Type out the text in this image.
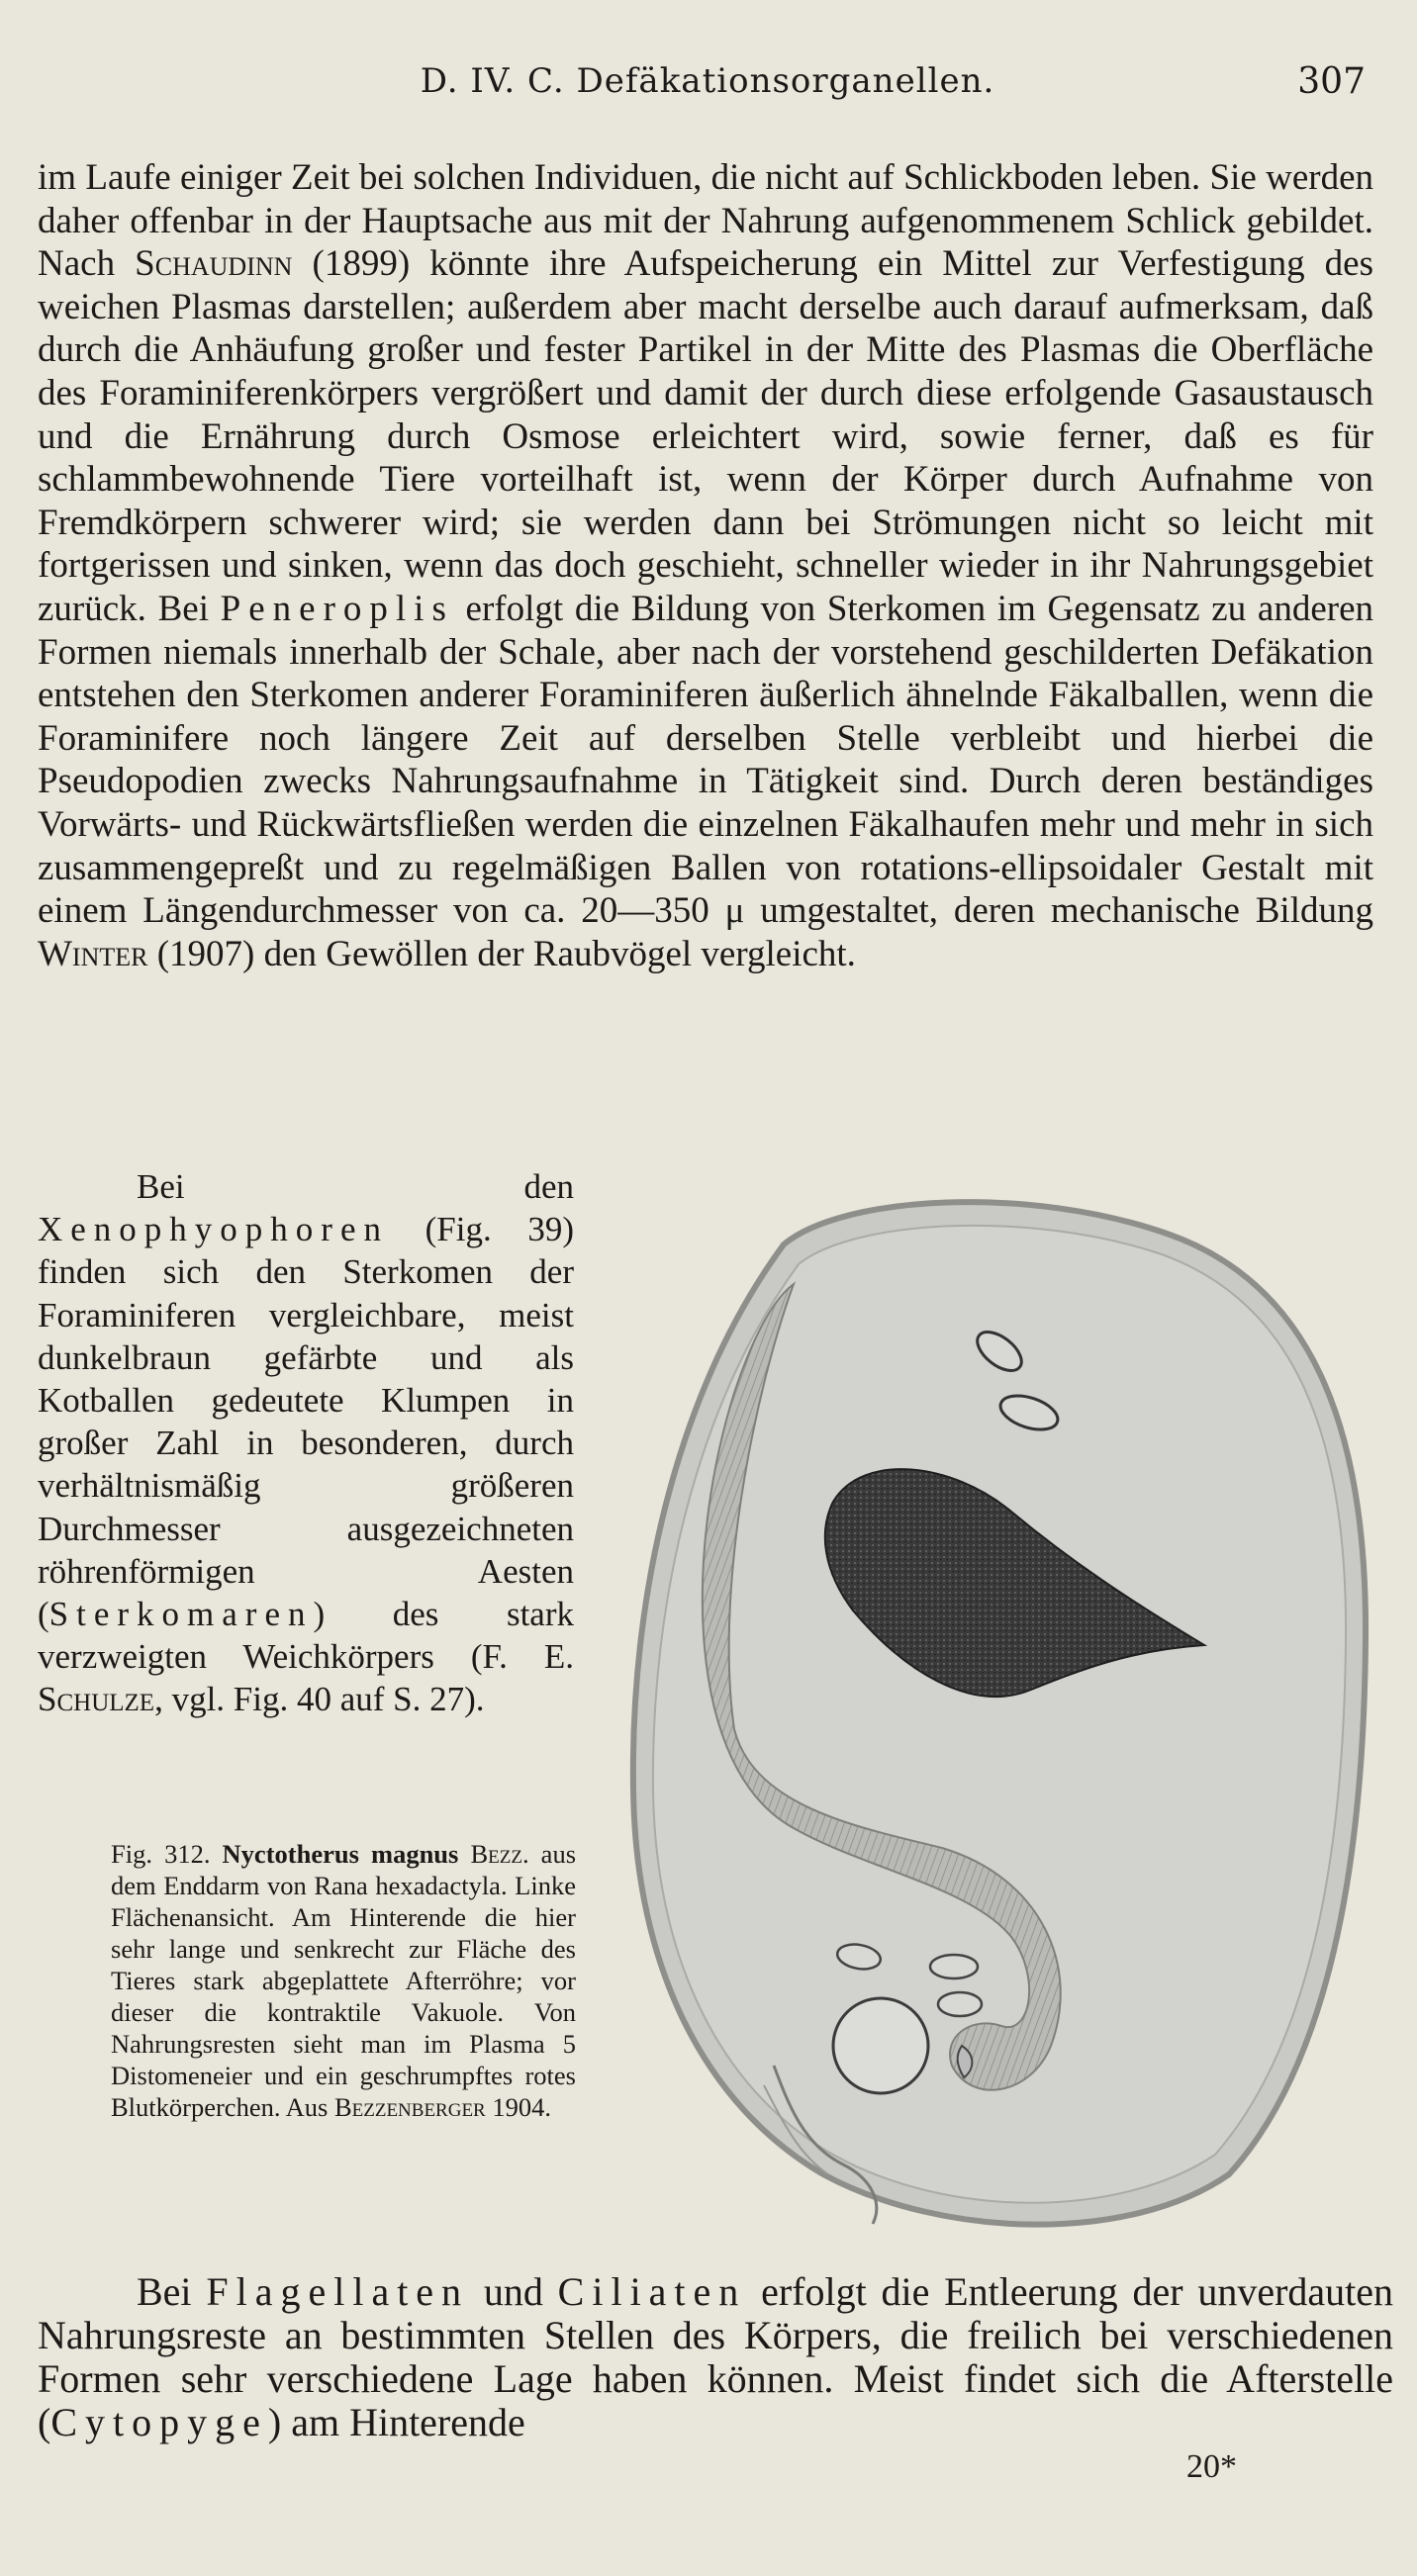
D. IV. C. Defäkationsorganellen.	307

im Laufe einiger Zeit bei solchen Individuen, die nicht auf Schlickboden leben. Sie werden daher offenbar in der Hauptsache aus mit der Nahrung aufgenommenem Schlick gebildet. Nach Schaudinn (1899) könnte ihre Aufspeicherung ein Mittel zur Verfestigung des weichen Plasmas darstellen; außerdem aber macht derselbe auch darauf aufmerksam, daß durch die Anhäufung großer und fester Partikel in der Mitte des Plasmas die Oberfläche des Foraminiferenkörpers vergrößert und damit der durch diese erfolgende Gasaustausch und die Ernährung durch Osmose erleichtert wird, sowie ferner, daß es für schlammbewohnende Tiere vorteilhaft ist, wenn der Körper durch Aufnahme von Fremdkörpern schwerer wird; sie werden dann bei Strömungen nicht so leicht mit fortgerissen und sinken, wenn das doch geschieht, schneller wieder in ihr Nahrungsgebiet zurück. Bei Peneroplis erfolgt die Bildung von Sterkomen im Gegensatz zu anderen Formen niemals innerhalb der Schale, aber nach der vorstehend geschilderten Defäkation entstehen den Sterkomen anderer Foraminiferen äußerlich ähnelnde Fäkalballen, wenn die Foraminifere noch längere Zeit auf derselben Stelle verbleibt und hierbei die Pseudopodien zwecks Nahrungsaufnahme in Tätigkeit sind. Durch deren beständiges Vorwärts- und Rückwärtsfließen werden die einzelnen Fäkalhaufen mehr und mehr in sich zusammengepreßt und zu regelmäßigen Ballen von rotations-ellipsoidaler Gestalt mit einem Längendurchmesser von ca. 20—350 μ umgestaltet, deren mechanische Bildung Winter (1907) den Gewöllen der Raubvögel vergleicht.

Bei den Xenophyophoren (Fig. 39) finden sich den Sterkomen der Foraminiferen vergleichbare, meist dunkelbraun gefärbte und als Kotballen gedeutete Klumpen in großer Zahl in besonderen, durch verhältnismäßig größeren Durchmesser ausgezeichneten röhrenförmigen Aesten (Sterkomaren) des stark verzweigten Weichkörpers (F. E. Schulze, vgl. Fig. 40 auf S. 27).

Fig. 312. Nyctotherus magnus Bezz. aus dem Enddarm von Rana hexadactyla. Linke Flächenansicht. Am Hinterende die hier sehr lange und senkrecht zur Fläche des Tieres stark abgeplattete Afterröhre; vor dieser die kontraktile Vakuole. Von Nahrungsresten sieht man im Plasma 5 Distomeneier und ein geschrumpftes rotes Blutkörperchen. Aus Bezzenberger 1904.

Bei Flagellaten und Ciliaten erfolgt die Entleerung der unverdauten Nahrungsreste an bestimmten Stellen des Körpers, die freilich bei verschiedenen Formen sehr verschiedene Lage haben können. Meist findet sich die Afterstelle (Cytopyge) am Hinterende

20*
